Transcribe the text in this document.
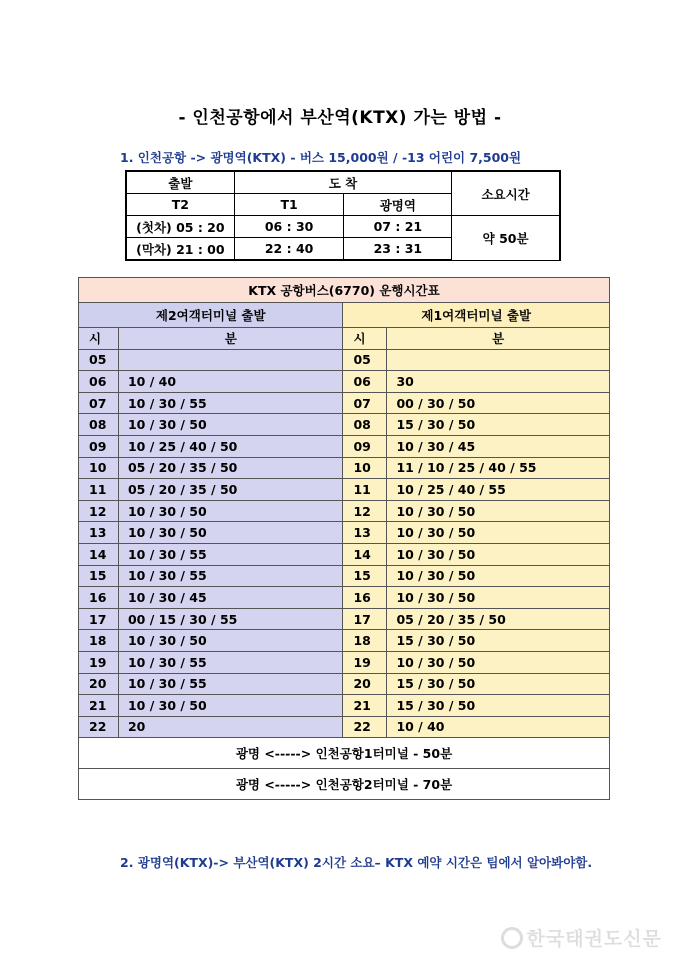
- 인천공항에서 부산역(KTX) 가는 방법 -
1. 인천공항 -> 광명역(KTX) - 버스 15,000원 / -13 어린이 7,500원
출발	도 착		소요시간
T2	T1	광명역	
(첫차) 05 : 20	06 : 30	07 : 21	약 50분
(막차) 21 : 00	22 : 40	23 : 31	
KTX 공항버스(6770) 운행시간표			
제2여객터미널 출발		제1여객터미널 출발	
시	분	시	분
05		05	
06	10 / 40	06	30
07	10 / 30 / 55	07	00 / 30 / 50
08	10 / 30 / 50	08	15 / 30 / 50
09	10 / 25 / 40 / 50	09	10 / 30 / 45
10	05 / 20 / 35 / 50	10	11 / 10 / 25 / 40 / 55
11	05 / 20 / 35 / 50	11	10 / 25 / 40 / 55
12	10 / 30 / 50	12	10 / 30 / 50
13	10 / 30 / 50	13	10 / 30 / 50
14	10 / 30 / 55	14	10 / 30 / 50
15	10 / 30 / 55	15	10 / 30 / 50
16	10 / 30 / 45	16	10 / 30 / 50
17	00 / 15 / 30 / 55	17	05 / 20 / 35 / 50
18	10 / 30 / 50	18	15 / 30 / 50
19	10 / 30 / 55	19	10 / 30 / 50
20	10 / 30 / 55	20	15 / 30 / 50
21	10 / 30 / 50	21	15 / 30 / 50
22	20	22	10 / 40
광명 <-----> 인천공항1터미널 - 50분			
광명 <-----> 인천공항2터미널 - 70분			
2. 광명역(KTX)-> 부산역(KTX) 2시간 소요– KTX 예약 시간은 팀에서 알아봐야함.
한국태권도신문
